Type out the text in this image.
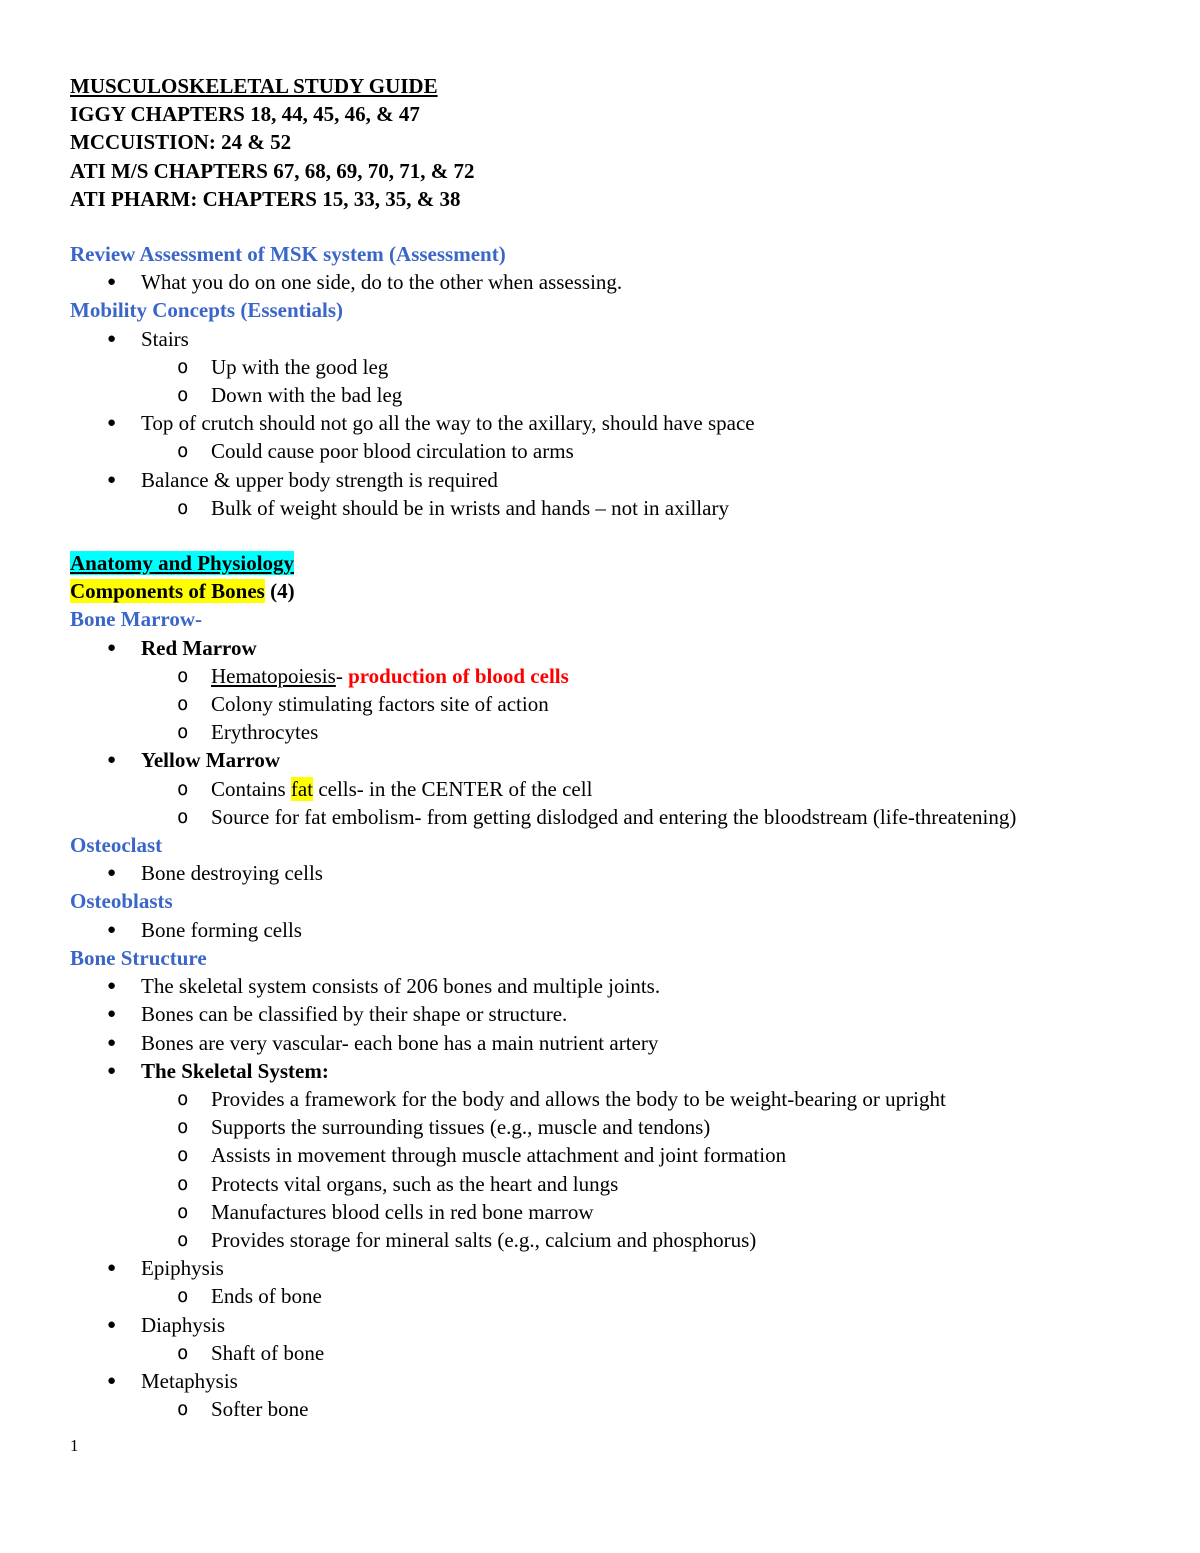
MUSCULOSKELETAL STUDY GUIDE
IGGY CHAPTERS 18, 44, 45, 46, & 47
MCCUISTION: 24 & 52
ATI M/S CHAPTERS 67, 68, 69, 70, 71, & 72
ATI PHARM: CHAPTERS 15, 33, 35, & 38
Review Assessment of MSK system (Assessment)
● What you do on one side, do to the other when assessing.
Mobility Concepts (Essentials)
● Stairs
o Up with the good leg
o Down with the bad leg
● Top of crutch should not go all the way to the axillary, should have space
o Could cause poor blood circulation to arms
● Balance & upper body strength is required
o Bulk of weight should be in wrists and hands – not in axillary
Anatomy and Physiology
Components of Bones (4)
Bone Marrow-
● Red Marrow
o Hematopoiesis- production of blood cells
o Colony stimulating factors site of action
o Erythrocytes
● Yellow Marrow
o Contains fat cells- in the CENTER of the cell
o Source for fat embolism- from getting dislodged and entering the bloodstream (life-threatening)
Osteoclast
● Bone destroying cells
Osteoblasts
● Bone forming cells
Bone Structure
● The skeletal system consists of 206 bones and multiple joints.
● Bones can be classified by their shape or structure.
● Bones are very vascular- each bone has a main nutrient artery
● The Skeletal System:
o Provides a framework for the body and allows the body to be weight-bearing or upright
o Supports the surrounding tissues (e.g., muscle and tendons)
o Assists in movement through muscle attachment and joint formation
o Protects vital organs, such as the heart and lungs
o Manufactures blood cells in red bone marrow
o Provides storage for mineral salts (e.g., calcium and phosphorus)
● Epiphysis
o Ends of bone
● Diaphysis
o Shaft of bone
● Metaphysis
o Softer bone
1
